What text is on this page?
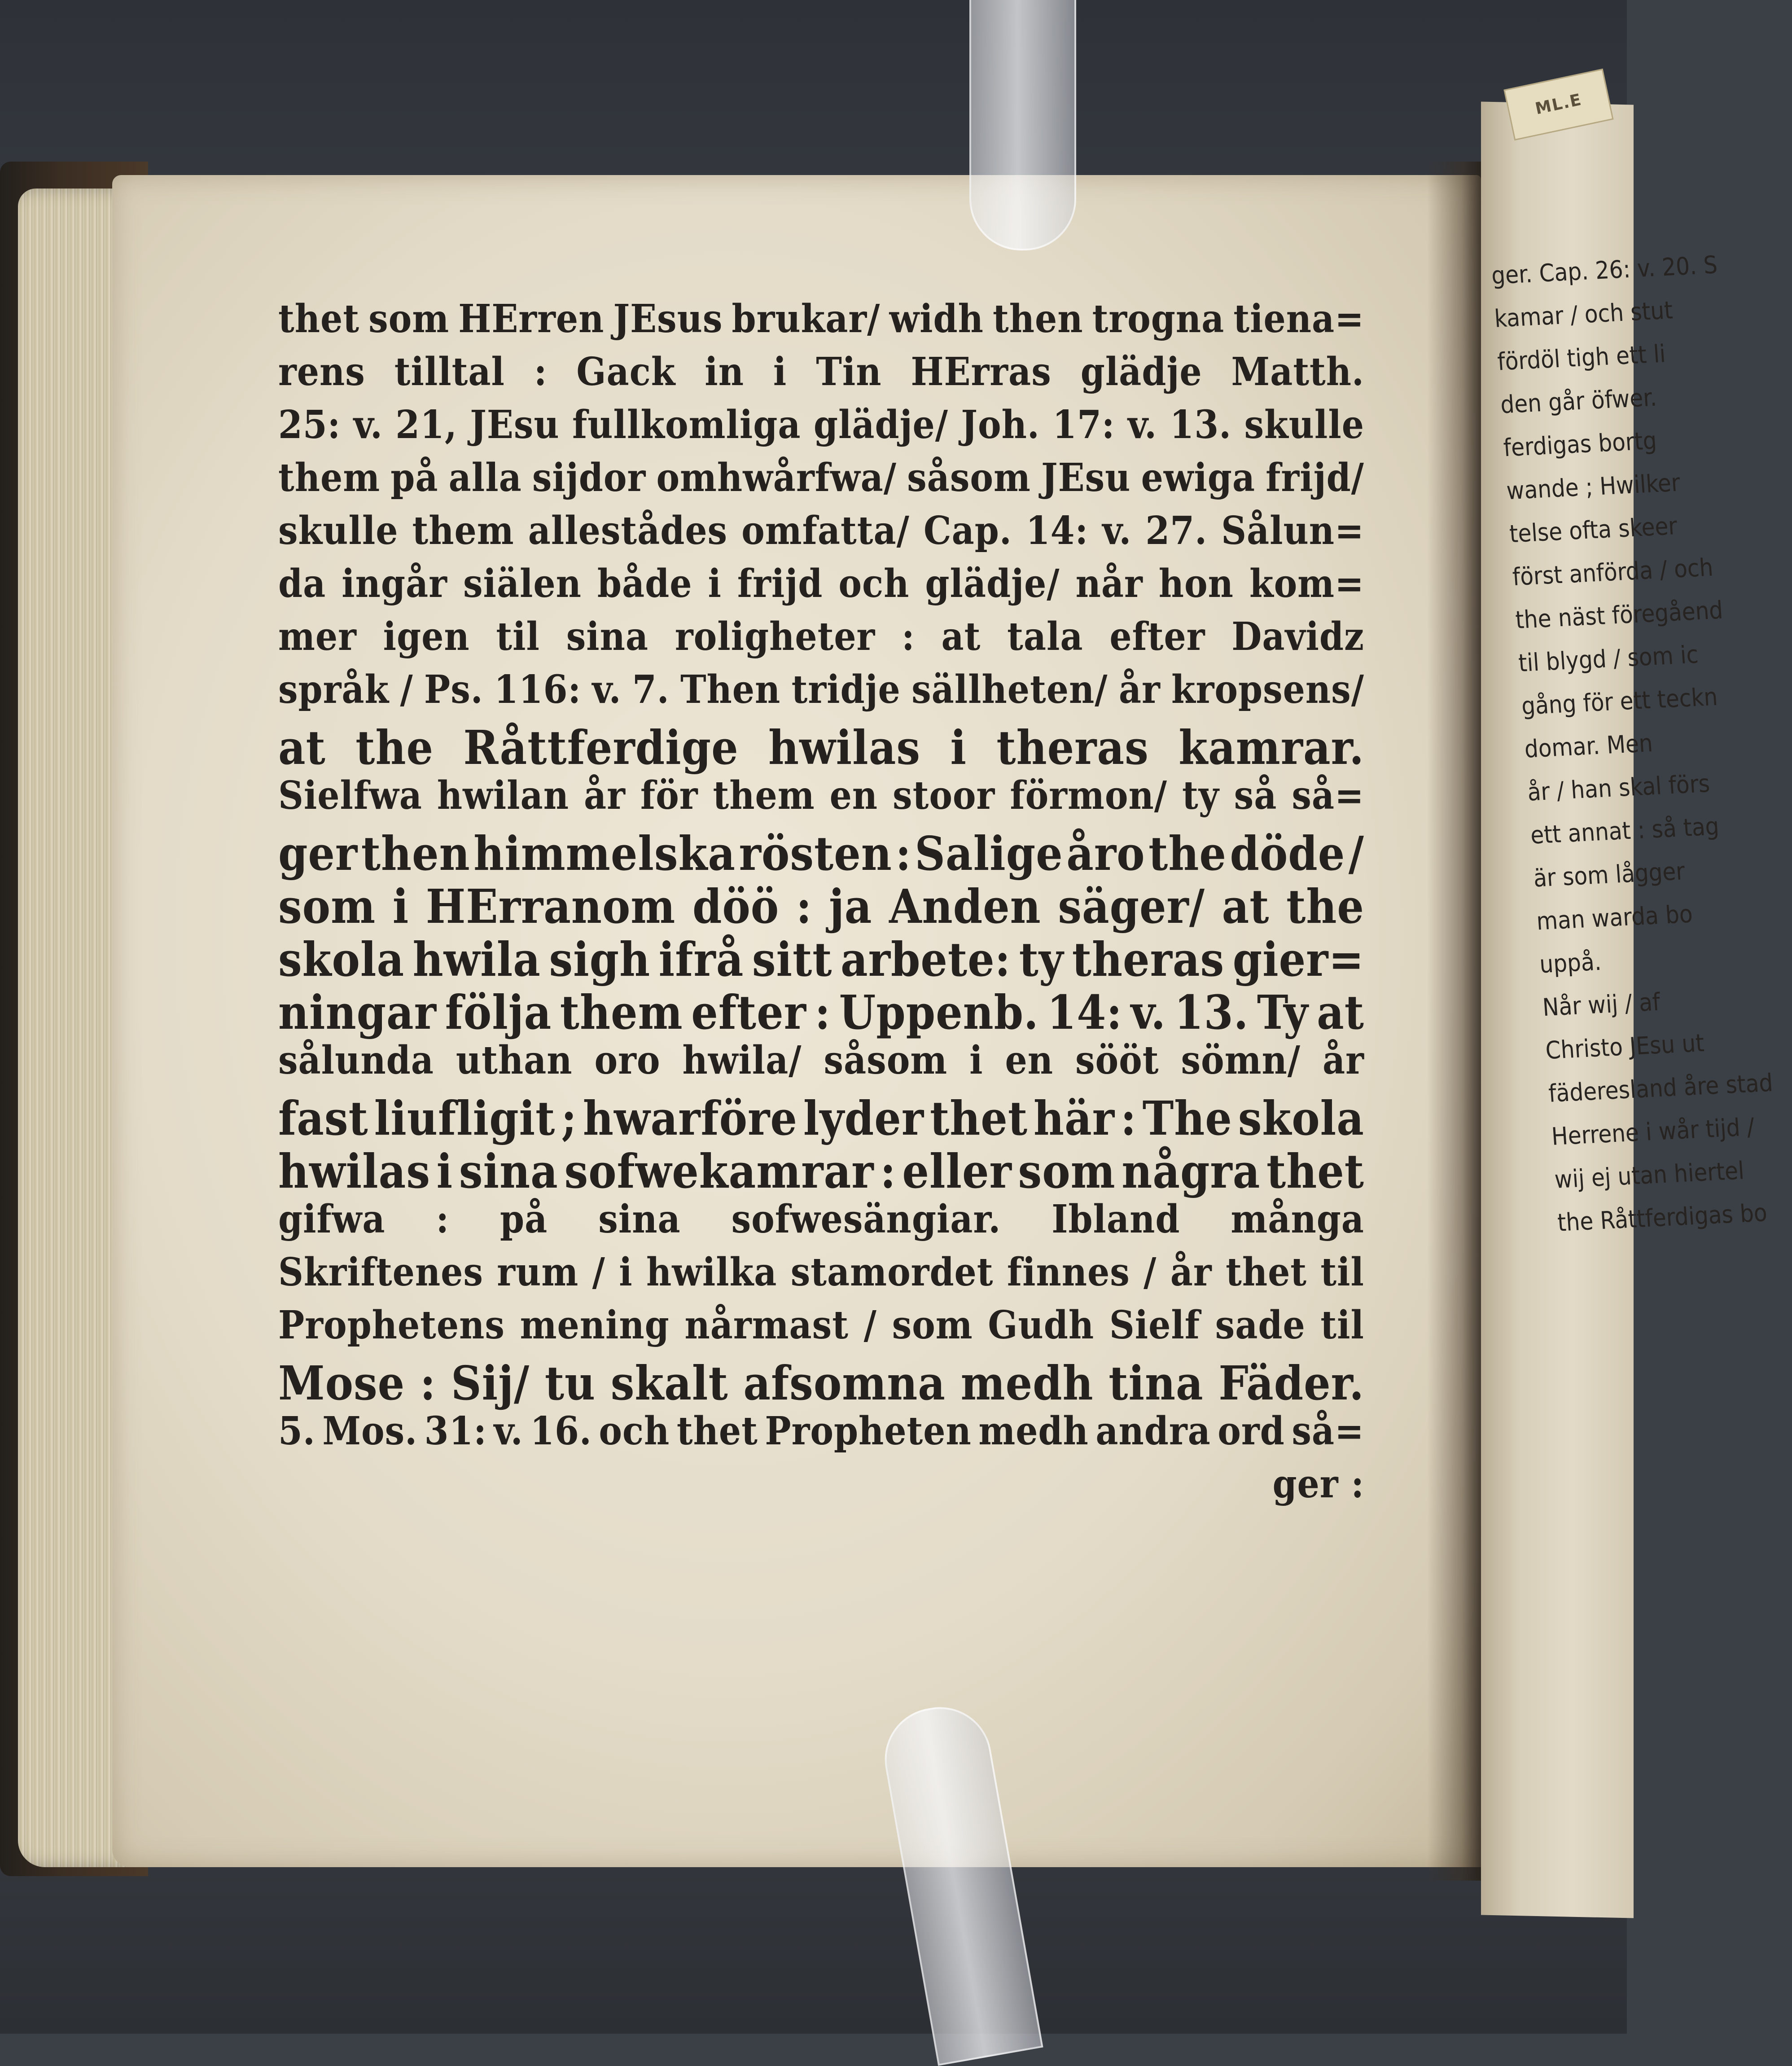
ger. Cap. 26: v. 20. S
kamar / och stut
fördöl tigh ett li
den går öfwer.
ferdigas bortg
wande ; Hwilker
telse ofta skeer
först anförda / och
the näst föregåend
til blygd / som ic
gång för ett teckn
domar. Men
år / han skal förs
ett annat : så tag
är som lågger
man warda bo
uppå.
Når wij / af
Christo JEsu ut
fäderesland åre stad
Herrene i wår tijd /
wij ej utan hiertel
the Råttferdigas bo
ML.E
thet som HErren JEsus brukar/ widh then trogna tiena=
rens tilltal : Gack in i Tin HErras glädje Matth.
25: v. 21, JEsu fullkomliga glädje/ Joh. 17: v. 13. skulle
them på alla sijdor omhwårfwa/ såsom JEsu ewiga frijd/
skulle them allestådes omfatta/ Cap. 14: v. 27. Sålun=
da ingår siälen både i frijd och glädje/ når hon kom=
mer igen til sina roligheter : at tala efter Davidz
språk / Ps. 116: v. 7. Then tridje sällheten/ år kropsens/
at the Råttferdige hwilas i theras kamrar.
Sielfwa hwilan år för them en stoor förmon/ ty så så=
ger then himmelska rösten : Salige åro the döde /
som i HErranom döö : ja Anden säger/ at the
skola hwila sigh ifrå sitt arbete: ty theras gier=
ningar följa them efter : Uppenb. 14: v. 13. Ty at
sålunda uthan oro hwila/ såsom i en sööt sömn/ år
fast liufligit ; hwarföre lyder thet här : The skola
hwilas i sina sofwekamrar : eller som några thet
gifwa : på sina sofwesängiar. Ibland många
Skriftenes rum / i hwilka stamordet finnes / år thet til
Prophetens mening nårmast / som Gudh Sielf sade til
Mose : Sij/ tu skalt afsomna medh tina Fäder.
5. Mos. 31: v. 16. och thet Propheten medh andra ord så=
ger :
